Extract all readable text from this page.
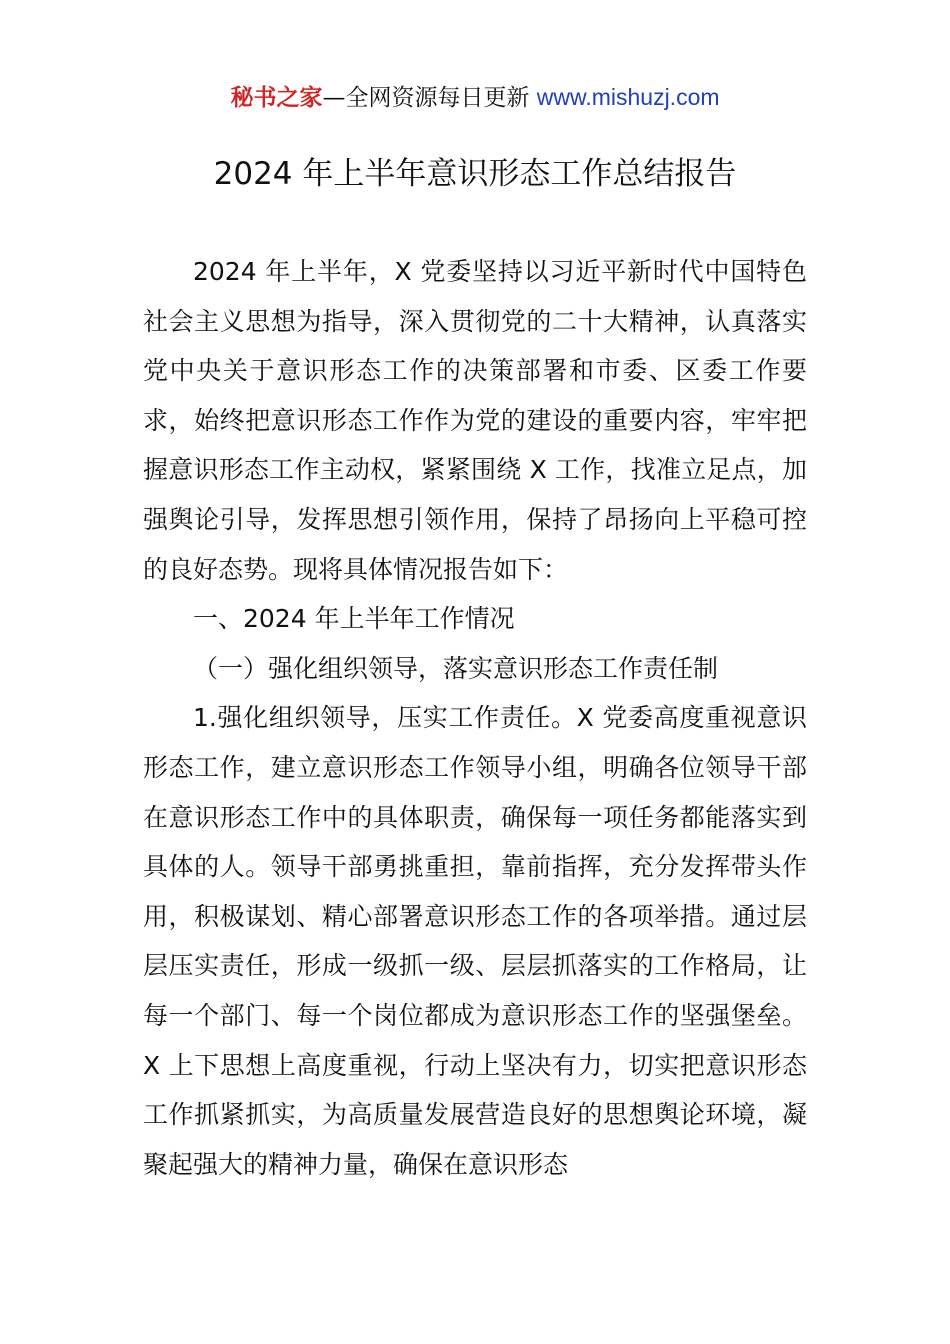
秘书之家—全网资源每日更新 www.mishuzj.com
2024 年上半年意识形态工作总结报告

2024 年上半年，X 党委坚持以习近平新时代中国特色社会主义思想为指导，深入贯彻党的二十大精神，认真落实党中央关于意识形态工作的决策部署和市委、区委工作要求，始终把意识形态工作作为党的建设的重要内容，牢牢把握意识形态工作主动权，紧紧围绕 X 工作，找准立足点，加强舆论引导，发挥思想引领作用，保持了昂扬向上平稳可控的良好态势。现将具体情况报告如下：

一、2024 年上半年工作情况

（一）强化组织领导，落实意识形态工作责任制

1.强化组织领导，压实工作责任。X 党委高度重视意识形态工作，建立意识形态工作领导小组，明确各位领导干部在意识形态工作中的具体职责，确保每一项任务都能落实到具体的人。领导干部勇挑重担，靠前指挥，充分发挥带头作用，积极谋划、精心部署意识形态工作的各项举措。通过层层压实责任，形成一级抓一级、层层抓落实的工作格局，让每一个部门、每一个岗位都成为意识形态工作的坚强堡垒。X 上下思想上高度重视，行动上坚决有力，切实把意识形态工作抓紧抓实，为高质量发展营造良好的思想舆论环境，凝聚起强大的精神力量，确保在意识形态
